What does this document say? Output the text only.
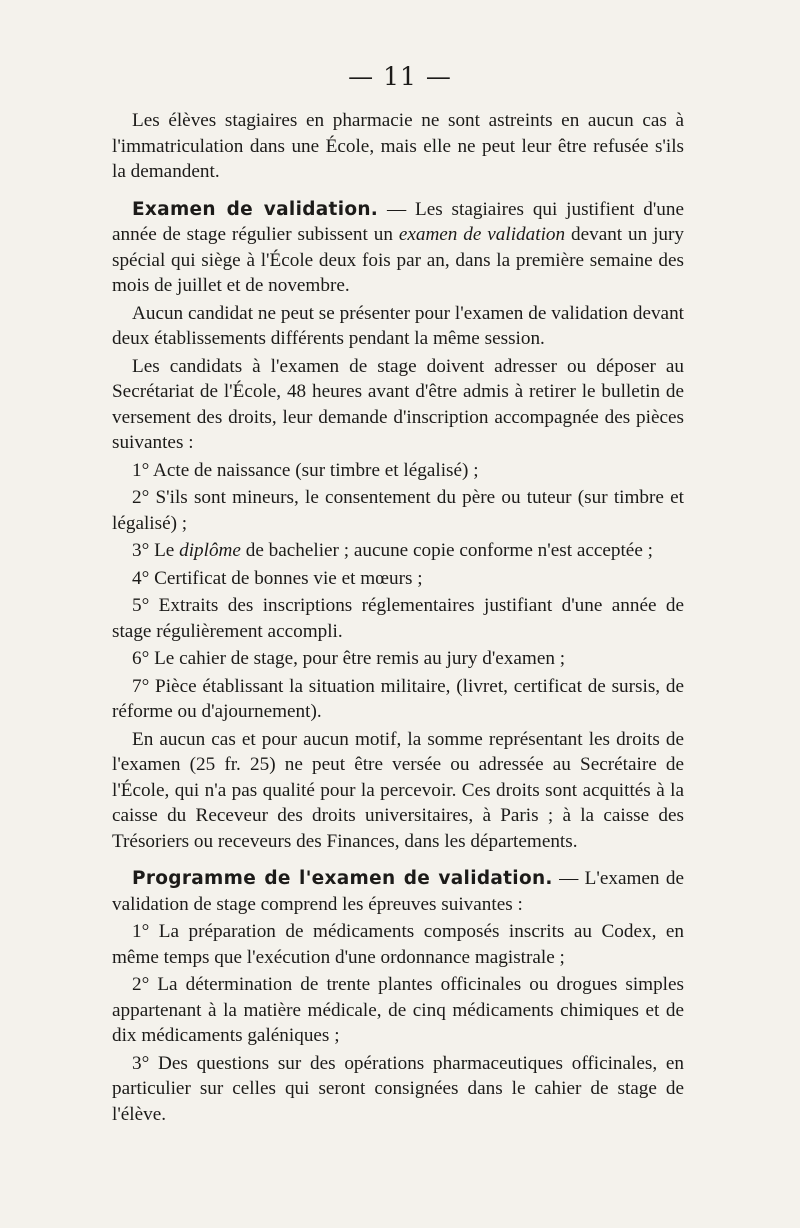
— 11 —

Les élèves stagiaires en pharmacie ne sont astreints en aucun cas à l'immatriculation dans une École, mais elle ne peut leur être refusée s'ils la demandent.

Examen de validation. — Les stagiaires qui justifient d'une année de stage régulier subissent un examen de validation devant un jury spécial qui siège à l'École deux fois par an, dans la première semaine des mois de juillet et de novembre.

Aucun candidat ne peut se présenter pour l'examen de validation devant deux établissements différents pendant la même session.

Les candidats à l'examen de stage doivent adresser ou déposer au Secrétariat de l'École, 48 heures avant d'être admis à retirer le bulletin de versement des droits, leur demande d'inscription accompagnée des pièces suivantes :

1° Acte de naissance (sur timbre et légalisé) ;

2° S'ils sont mineurs, le consentement du père ou tuteur (sur timbre et légalisé) ;

3° Le diplôme de bachelier ; aucune copie conforme n'est acceptée ;

4° Certificat de bonnes vie et mœurs ;

5° Extraits des inscriptions réglementaires justifiant d'une année de stage régulièrement accompli.

6° Le cahier de stage, pour être remis au jury d'examen ;

7° Pièce établissant la situation militaire, (livret, certificat de sursis, de réforme ou d'ajournement).

En aucun cas et pour aucun motif, la somme représentant les droits de l'examen (25 fr. 25) ne peut être versée ou adressée au Secrétaire de l'École, qui n'a pas qualité pour la percevoir. Ces droits sont acquittés à la caisse du Receveur des droits universitaires, à Paris ; à la caisse des Trésoriers ou receveurs des Finances, dans les départements.

Programme de l'examen de validation. — L'examen de validation de stage comprend les épreuves suivantes :

1° La préparation de médicaments composés inscrits au Codex, en même temps que l'exécution d'une ordonnance magistrale ;

2° La détermination de trente plantes officinales ou drogues simples appartenant à la matière médicale, de cinq médicaments chimiques et de dix médicaments galéniques ;

3° Des questions sur des opérations pharmaceutiques officinales, en particulier sur celles qui seront consignées dans le cahier de stage de l'élève.
